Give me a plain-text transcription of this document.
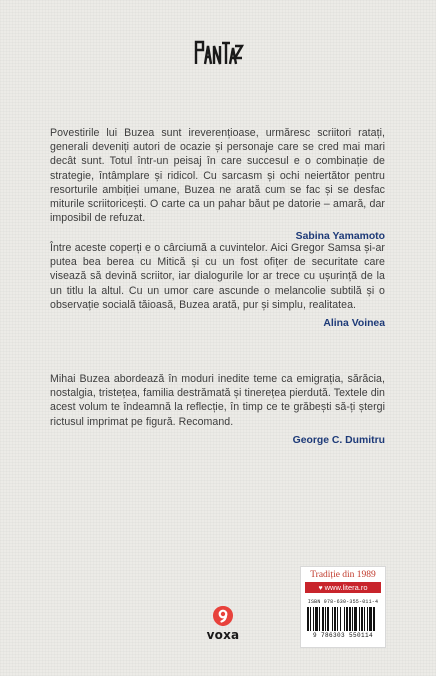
Povestirile lui Buzea sunt ireverențioase, urmăresc scriitori ratați, generali deveniți autori de ocazie și personaje care se cred mai mari decât sunt. Totul într-un peisaj în care succesul e o combinație de strategie, întâmplare și ridicol. Cu sarcasm și ochi neiertător pentru resorturile ambiției umane, Buzea ne arată cum se fac și se desfac miturile scriitoricești. O carte ca un pahar băut pe datorie – amară, dar imposibil de refuzat.

Sabina Yamamoto

Între aceste coperți e o cârciumă a cuvintelor. Aici Gregor Samsa și-ar putea bea berea cu Mitică și cu un fost ofițer de securitate care visează să devină scriitor, iar dialogurile lor ar trece cu ușurință de la un titlu la altul. Cu un umor care ascunde o melancolie subtilă și o observație socială tăioasă, Buzea arată, pur și simplu, realitatea.

Alina Voinea

Mihai Buzea abordează în moduri inedite teme ca emigrația, sărăcia, nostalgia, tristețea, familia destrămată și tinerețea pierdută. Textele din acest volum te îndeamnă la reflecție, în timp ce te grăbești să-ți ștergi rictusul imprimat pe figură. Recomand.

George C. Dumitru
voxa
Tradiție din 1989
♥ www.litera.ro
ISBN 978-630-355-011-4
9 786303 550114
